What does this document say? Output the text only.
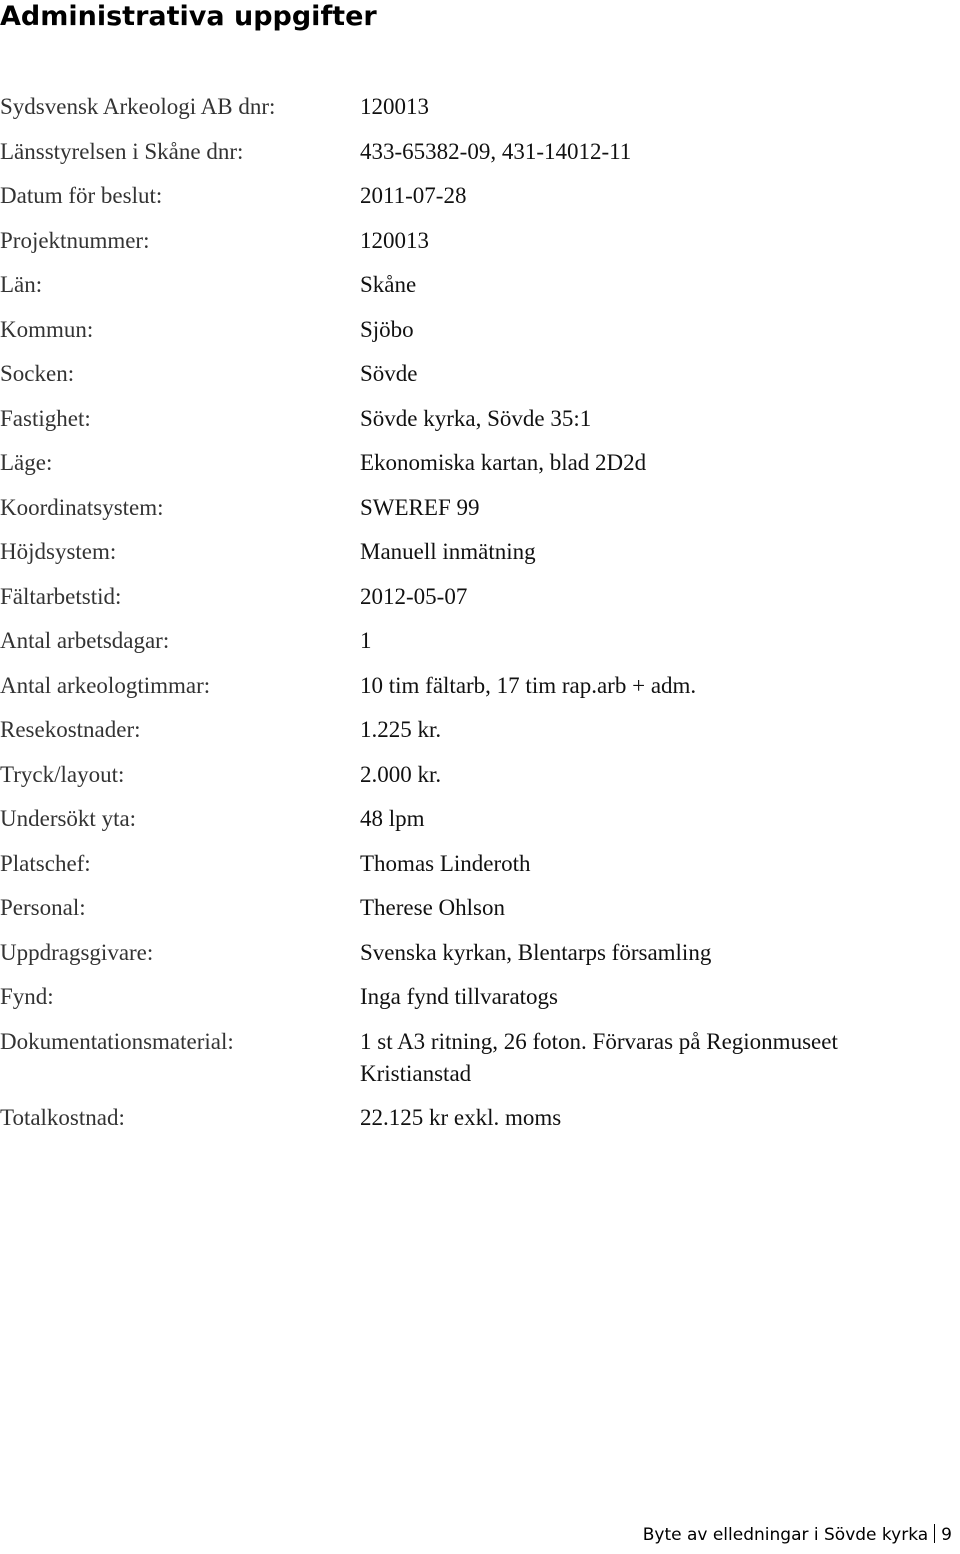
Administrativa uppgifter
Sydsvensk Arkeologi AB dnr:	120013
Länsstyrelsen i Skåne dnr:	433-65382-09, 431-14012-11
Datum för beslut:	2011-07-28
Projektnummer:	120013
Län:	Skåne
Kommun:	Sjöbo
Socken:	Sövde
Fastighet:	Sövde kyrka, Sövde 35:1
Läge:	Ekonomiska kartan, blad 2D2d
Koordinatsystem:	SWEREF 99
Höjdsystem:	Manuell inmätning
Fältarbetstid:	2012-05-07
Antal arbetsdagar:	1
Antal arkeologtimmar:	10 tim fältarb, 17 tim rap.arb + adm.
Resekostnader:	1.225 kr.
Tryck/layout:	2.000 kr.
Undersökt yta:	48 lpm
Platschef:	Thomas Linderoth
Personal:	Therese Ohlson
Uppdragsgivare:	Svenska kyrkan, Blentarps församling
Fynd:	Inga fynd tillvaratogs
Dokumentationsmaterial:	1 st A3 ritning, 26 foton. Förvaras på Regionmuseet Kristianstad
Totalkostnad:	22.125 kr exkl. moms
Byte av elledningar i Sövde kyrka 9
